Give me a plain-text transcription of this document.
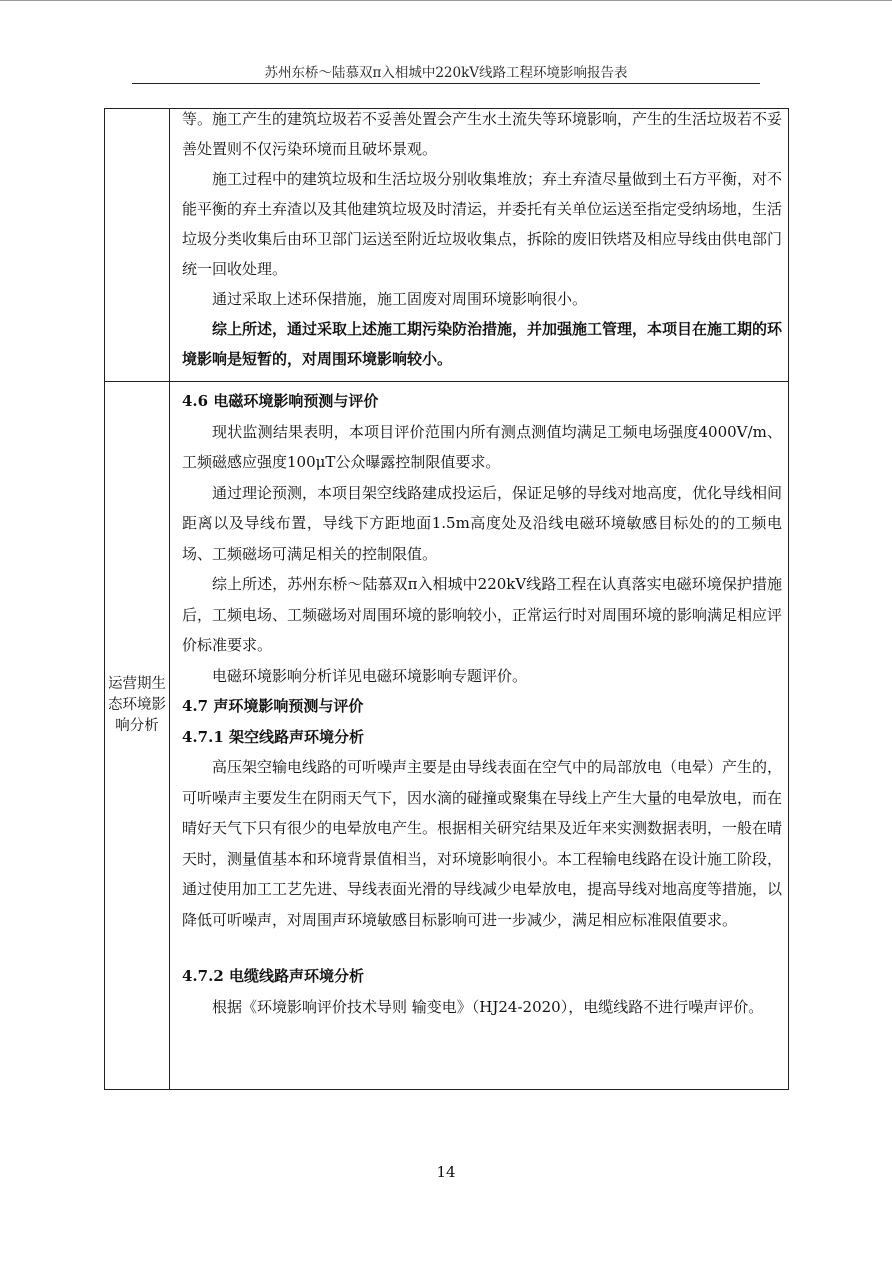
苏州东桥～陆慕双π入相城中220kV线路工程环境影响报告表

等。施工产生的建筑垃圾若不妥善处置会产生水土流失等环境影响，产生的生活垃圾若不妥善处置则不仅污染环境而且破坏景观。

施工过程中的建筑垃圾和生活垃圾分别收集堆放；弃土弃渣尽量做到土石方平衡，对不能平衡的弃土弃渣以及其他建筑垃圾及时清运，并委托有关单位运送至指定受纳场地，生活垃圾分类收集后由环卫部门运送至附近垃圾收集点，拆除的废旧铁塔及相应导线由供电部门统一回收处理。

通过采取上述环保措施，施工固废对周围环境影响很小。

综上所述，通过采取上述施工期污染防治措施，并加强施工管理，本项目在施工期的环境影响是短暂的，对周围环境影响较小。

运营期生态环境影响分析

4.6 电磁环境影响预测与评价

现状监测结果表明，本项目评价范围内所有测点测值均满足工频电场强度4000V/m、工频磁感应强度100μT公众曝露控制限值要求。

通过理论预测，本项目架空线路建成投运后，保证足够的导线对地高度，优化导线相间距离以及导线布置，导线下方距地面1.5m高度处及沿线电磁环境敏感目标处的的工频电场、工频磁场可满足相关的控制限值。

综上所述，苏州东桥～陆慕双π入相城中220kV线路工程在认真落实电磁环境保护措施后，工频电场、工频磁场对周围环境的影响较小，正常运行时对周围环境的影响满足相应评价标准要求。

电磁环境影响分析详见电磁环境影响专题评价。

4.7 声环境影响预测与评价

4.7.1 架空线路声环境分析

高压架空输电线路的可听噪声主要是由导线表面在空气中的局部放电（电晕）产生的，可听噪声主要发生在阴雨天气下，因水滴的碰撞或聚集在导线上产生大量的电晕放电，而在晴好天气下只有很少的电晕放电产生。根据相关研究结果及近年来实测数据表明，一般在晴天时，测量值基本和环境背景值相当，对环境影响很小。本工程输电线路在设计施工阶段，通过使用加工工艺先进、导线表面光滑的导线减少电晕放电，提高导线对地高度等措施，以降低可听噪声，对周围声环境敏感目标影响可进一步减少，满足相应标准限值要求。

4.7.2 电缆线路声环境分析

根据《环境影响评价技术导则 输变电》（HJ24-2020），电缆线路不进行噪声评价。

14
